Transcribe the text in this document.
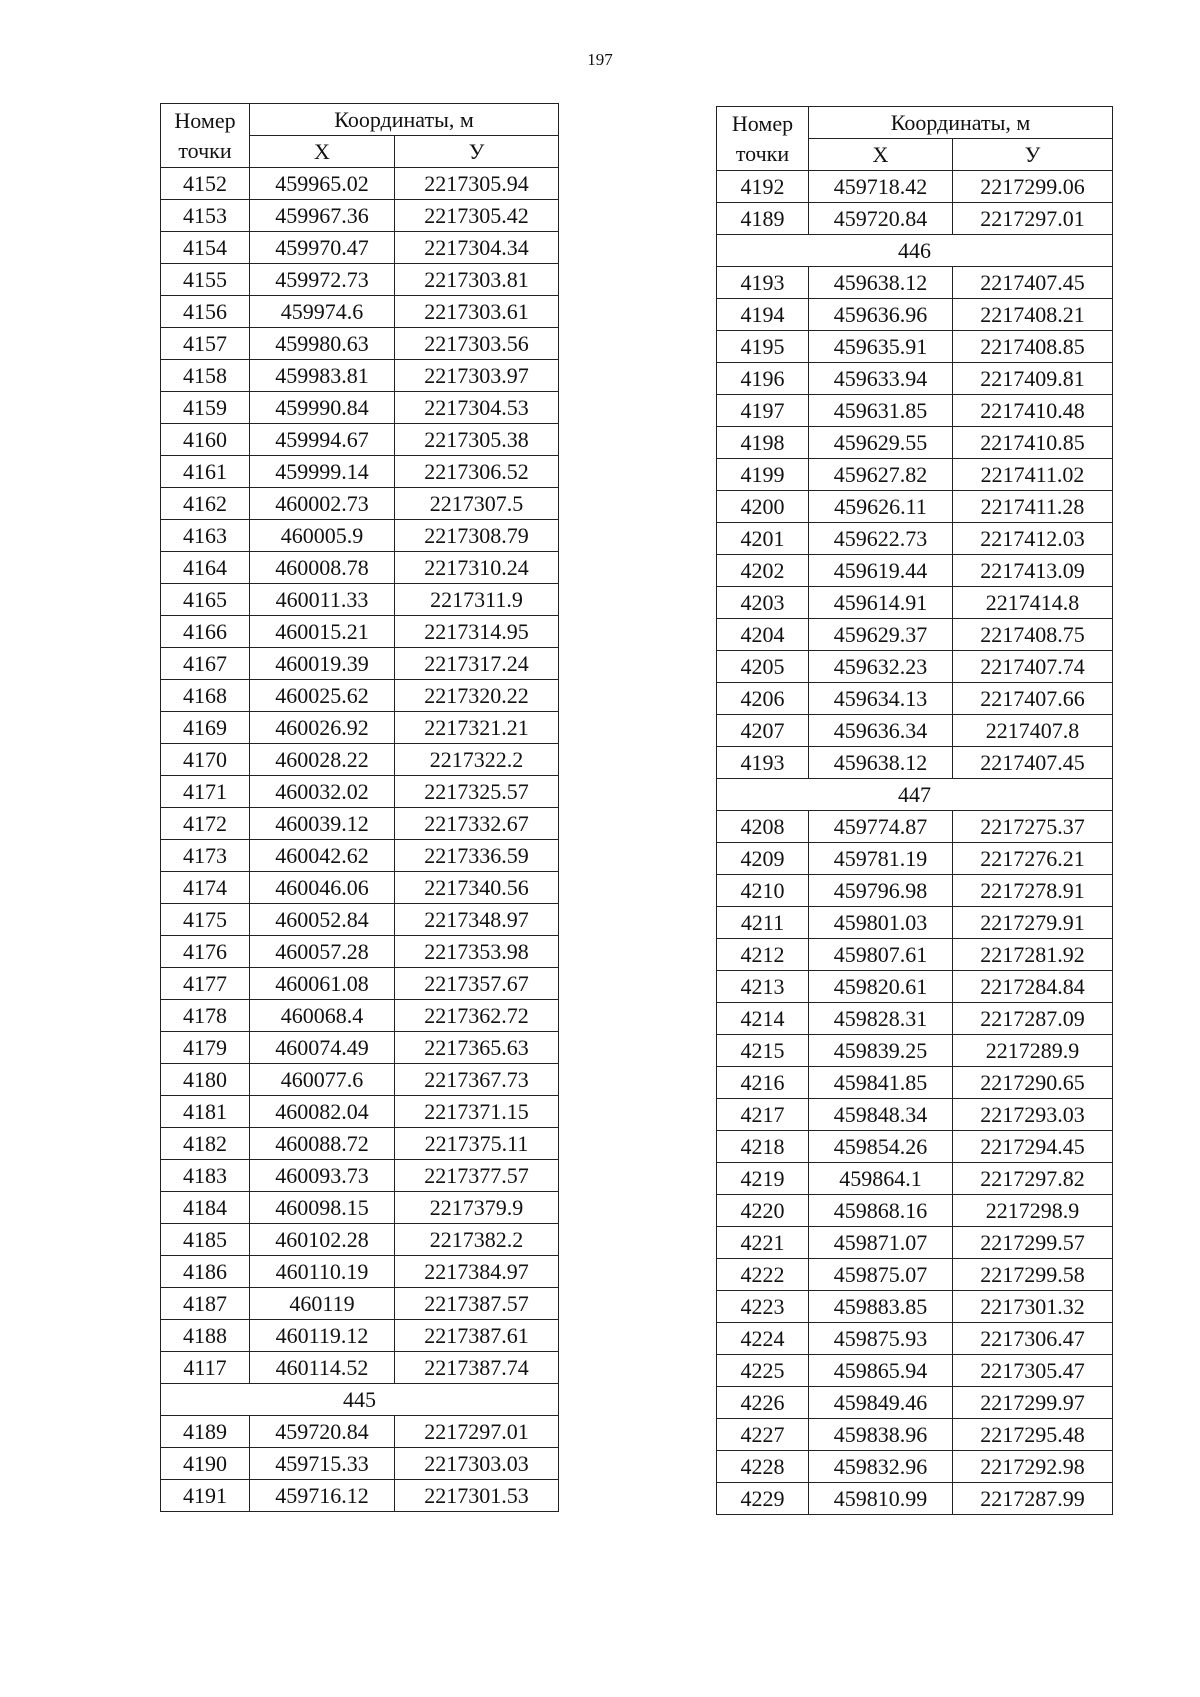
197
Номер
точки	Координаты, м	
	Х	У
4152	459965.02	2217305.94
4153	459967.36	2217305.42
4154	459970.47	2217304.34
4155	459972.73	2217303.81
4156	459974.6	2217303.61
4157	459980.63	2217303.56
4158	459983.81	2217303.97
4159	459990.84	2217304.53
4160	459994.67	2217305.38
4161	459999.14	2217306.52
4162	460002.73	2217307.5
4163	460005.9	2217308.79
4164	460008.78	2217310.24
4165	460011.33	2217311.9
4166	460015.21	2217314.95
4167	460019.39	2217317.24
4168	460025.62	2217320.22
4169	460026.92	2217321.21
4170	460028.22	2217322.2
4171	460032.02	2217325.57
4172	460039.12	2217332.67
4173	460042.62	2217336.59
4174	460046.06	2217340.56
4175	460052.84	2217348.97
4176	460057.28	2217353.98
4177	460061.08	2217357.67
4178	460068.4	2217362.72
4179	460074.49	2217365.63
4180	460077.6	2217367.73
4181	460082.04	2217371.15
4182	460088.72	2217375.11
4183	460093.73	2217377.57
4184	460098.15	2217379.9
4185	460102.28	2217382.2
4186	460110.19	2217384.97
4187	460119	2217387.57
4188	460119.12	2217387.61
4117	460114.52	2217387.74
445		
4189	459720.84	2217297.01
4190	459715.33	2217303.03
4191	459716.12	2217301.53
Номер
точки	Координаты, м	
	Х	У
4192	459718.42	2217299.06
4189	459720.84	2217297.01
446		
4193	459638.12	2217407.45
4194	459636.96	2217408.21
4195	459635.91	2217408.85
4196	459633.94	2217409.81
4197	459631.85	2217410.48
4198	459629.55	2217410.85
4199	459627.82	2217411.02
4200	459626.11	2217411.28
4201	459622.73	2217412.03
4202	459619.44	2217413.09
4203	459614.91	2217414.8
4204	459629.37	2217408.75
4205	459632.23	2217407.74
4206	459634.13	2217407.66
4207	459636.34	2217407.8
4193	459638.12	2217407.45
447		
4208	459774.87	2217275.37
4209	459781.19	2217276.21
4210	459796.98	2217278.91
4211	459801.03	2217279.91
4212	459807.61	2217281.92
4213	459820.61	2217284.84
4214	459828.31	2217287.09
4215	459839.25	2217289.9
4216	459841.85	2217290.65
4217	459848.34	2217293.03
4218	459854.26	2217294.45
4219	459864.1	2217297.82
4220	459868.16	2217298.9
4221	459871.07	2217299.57
4222	459875.07	2217299.58
4223	459883.85	2217301.32
4224	459875.93	2217306.47
4225	459865.94	2217305.47
4226	459849.46	2217299.97
4227	459838.96	2217295.48
4228	459832.96	2217292.98
4229	459810.99	2217287.99
